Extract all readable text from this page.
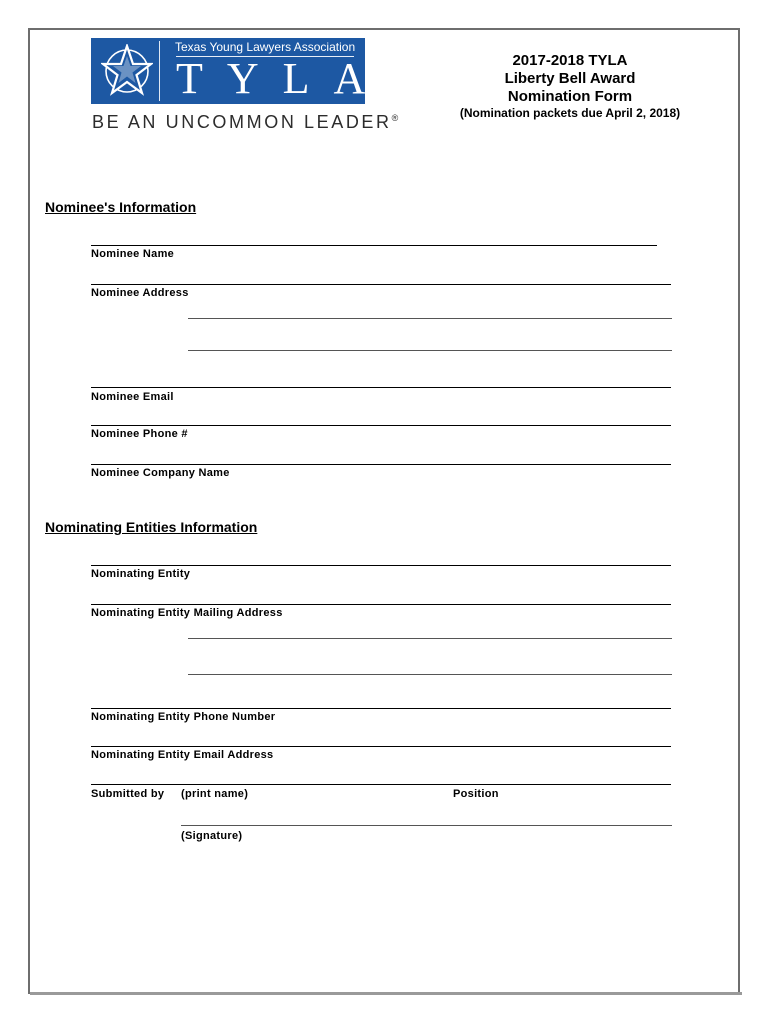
Texas Young Lawyers Association
TYLA
BE AN UNCOMMON LEADER®
2017-2018 TYLA
Liberty Bell Award
Nomination Form
(Nomination packets due April 2, 2018)
Nominee's Information
Nominee Name
Nominee Address
Nominee Email
Nominee Phone #
Nominee Company Name
Nominating Entities Information
Nominating Entity
Nominating Entity Mailing Address
Nominating Entity Phone Number
Nominating Entity Email Address
Submitted by (print name)	Position
(Signature)
